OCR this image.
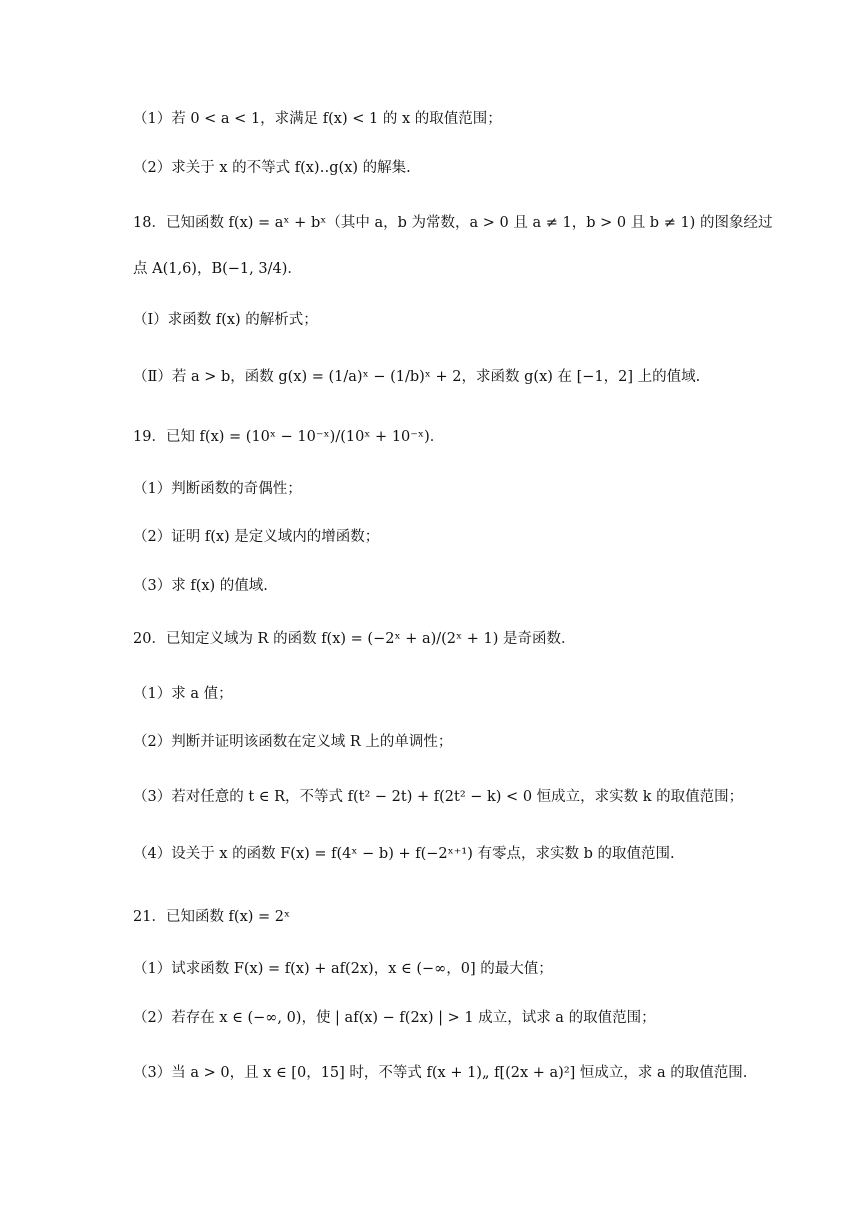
（1）若 0 < a < 1，求满足 f(x) < 1 的 x 的取值范围；
（2）求关于 x 的不等式 f(x)‥g(x) 的解集.
18．已知函数 f(x) = aˣ + bˣ（其中 a，b 为常数，a > 0 且 a ≠ 1，b > 0 且 b ≠ 1) 的图象经过
点 A(1,6)，B(−1, 3/4)．
（Ⅰ）求函数 f(x) 的解析式；
（Ⅱ）若 a > b，函数 g(x) = (1/a)ˣ − (1/b)ˣ + 2，求函数 g(x) 在 [−1，2] 上的值域.
19．已知 f(x) = (10ˣ − 10⁻ˣ)/(10ˣ + 10⁻ˣ)．
（1）判断函数的奇偶性；
（2）证明 f(x) 是定义域内的增函数；
（3）求 f(x) 的值域.
20．已知定义域为 R 的函数 f(x) = (−2ˣ + a)/(2ˣ + 1) 是奇函数．
（1）求 a 值；
（2）判断并证明该函数在定义域 R 上的单调性；
（3）若对任意的 t ∈ R，不等式 f(t² − 2t) + f(2t² − k) < 0 恒成立，求实数 k 的取值范围；
（4）设关于 x 的函数 F(x) = f(4ˣ − b) + f(−2ˣ⁺¹) 有零点，求实数 b 的取值范围.
21．已知函数 f(x) = 2ˣ
（1）试求函数 F(x) = f(x) + af(2x)，x ∈ (−∞，0] 的最大值；
（2）若存在 x ∈ (−∞, 0)，使 | af(x) − f(2x) | > 1 成立，试求 a 的取值范围；
（3）当 a > 0，且 x ∈ [0，15] 时，不等式 f(x + 1)„ f[(2x + a)²] 恒成立，求 a 的取值范围.
